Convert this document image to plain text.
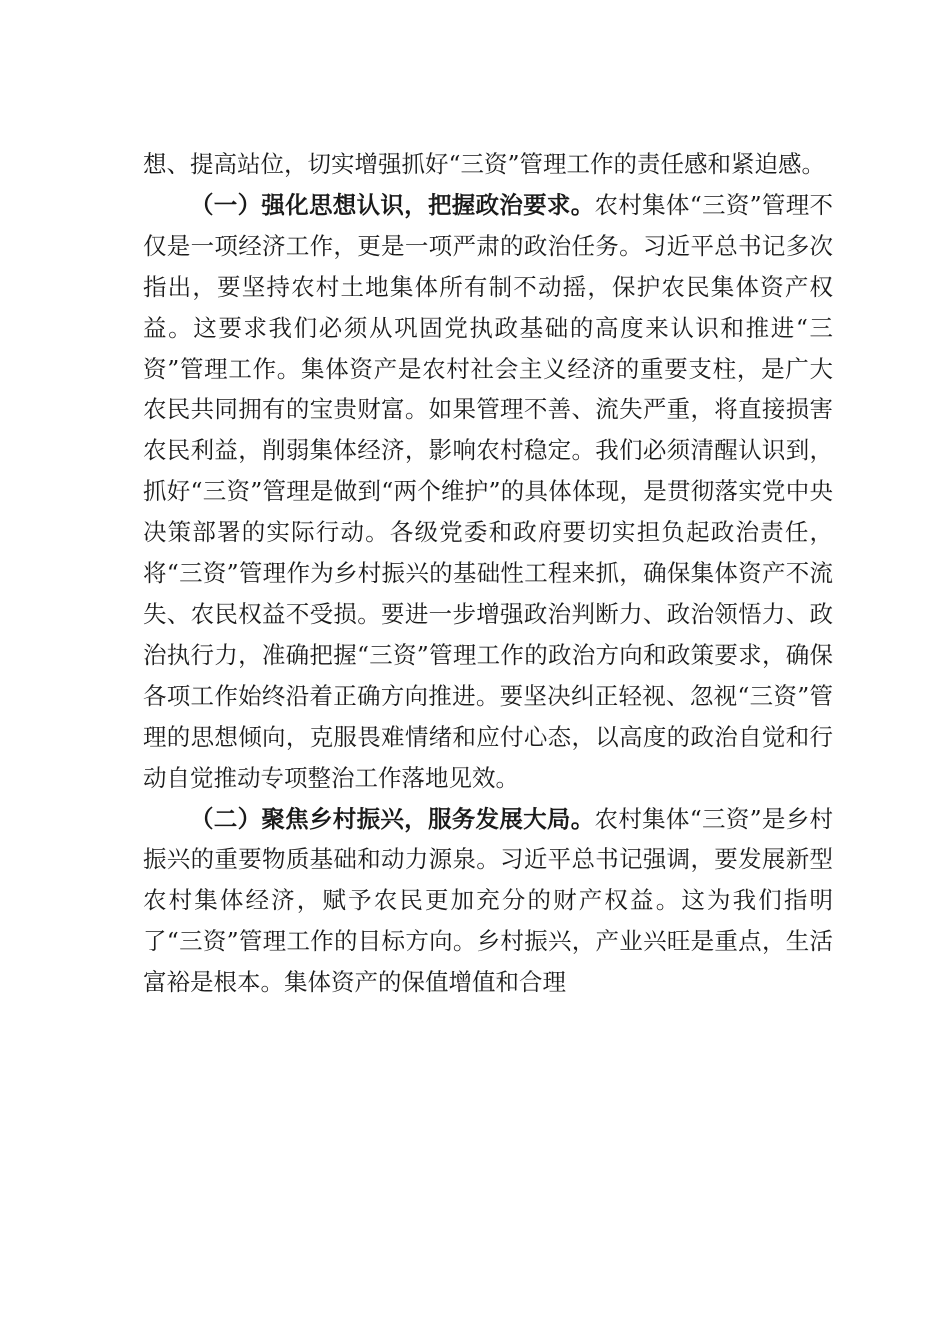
想、提高站位，切实增强抓好“三资”管理工作的责任感和紧迫感。

（一）强化思想认识，把握政治要求。农村集体“三资”管理不仅是一项经济工作，更是一项严肃的政治任务。习近平总书记多次指出，要坚持农村土地集体所有制不动摇，保护农民集体资产权益。这要求我们必须从巩固党执政基础的高度来认识和推进“三资”管理工作。集体资产是农村社会主义经济的重要支柱，是广大农民共同拥有的宝贵财富。如果管理不善、流失严重，将直接损害农民利益，削弱集体经济，影响农村稳定。我们必须清醒认识到，抓好“三资”管理是做到“两个维护”的具体体现，是贯彻落实党中央决策部署的实际行动。各级党委和政府要切实担负起政治责任，将“三资”管理作为乡村振兴的基础性工程来抓，确保集体资产不流失、农民权益不受损。要进一步增强政治判断力、政治领悟力、政治执行力，准确把握“三资”管理工作的政治方向和政策要求，确保各项工作始终沿着正确方向推进。要坚决纠正轻视、忽视“三资”管理的思想倾向，克服畏难情绪和应付心态，以高度的政治自觉和行动自觉推动专项整治工作落地见效。

（二）聚焦乡村振兴，服务发展大局。农村集体“三资”是乡村振兴的重要物质基础和动力源泉。习近平总书记强调，要发展新型农村集体经济，赋予农民更加充分的财产权益。这为我们指明了“三资”管理工作的目标方向。乡村振兴，产业兴旺是重点，生活富裕是根本。集体资产的保值增值和合理
